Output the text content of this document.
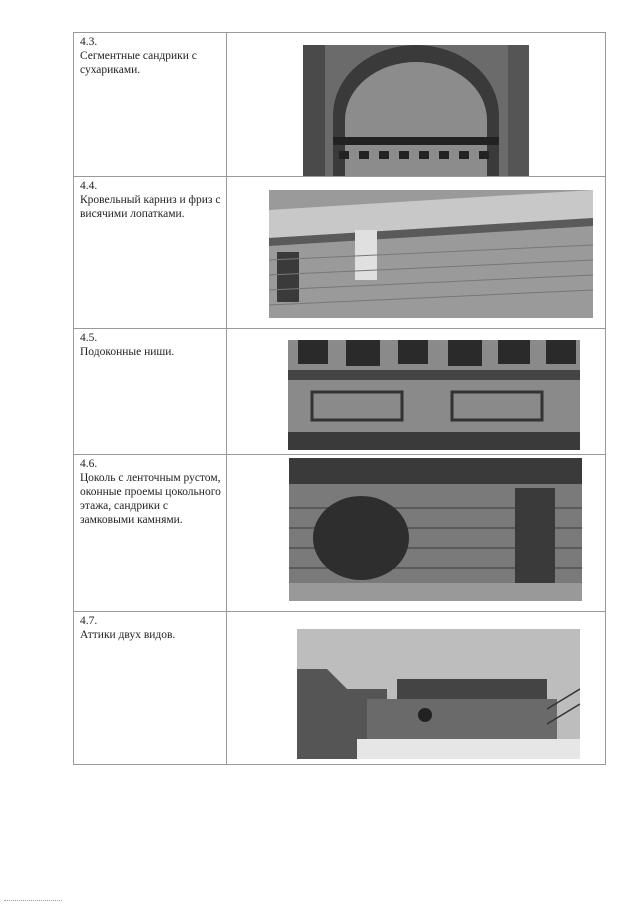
4.3.
Сегментные сандрики с сухариками.

4.4.
Кровельный карниз и фриз с висячими лопатками.

4.5.
Подоконные ниши.

4.6.
Цоколь с ленточным рустом, оконные проемы цокольного этажа, сандрики с замковыми камнями.

4.7.
Аттики двух видов.
